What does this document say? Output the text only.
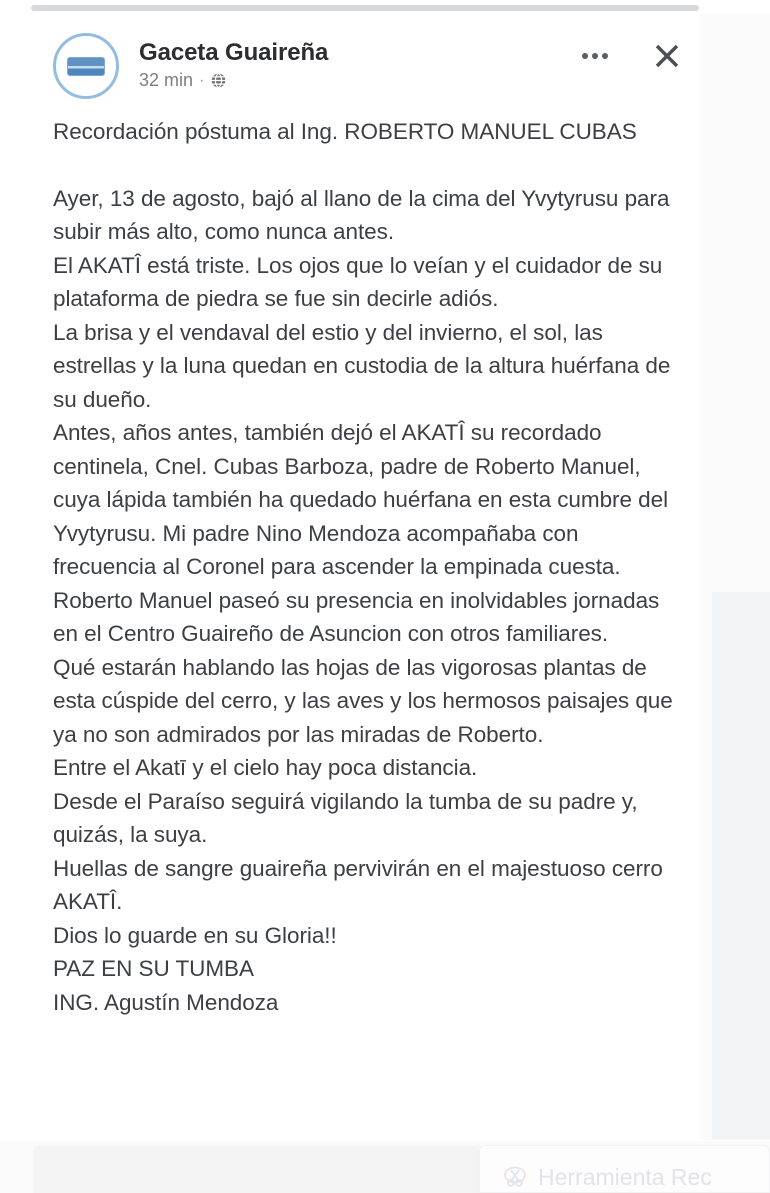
Gaceta Guaireña
32 min ·

Recordación póstuma al Ing. ROBERTO MANUEL CUBAS

Ayer, 13 de agosto, bajó al llano de la cima del Yvytyrusu para subir más alto, como nunca antes.

El AKATÎ está triste. Los ojos que lo veían y el cuidador de su plataforma de piedra se fue sin decirle adiós.

La brisa y el vendaval del estio y del invierno, el sol, las estrellas y la luna quedan en custodia de la altura huérfana de su dueño.

Antes, años antes, también dejó el AKATÎ su recordado centinela, Cnel. Cubas Barboza, padre de Roberto Manuel, cuya lápida también ha quedado huérfana en esta cumbre del Yvytyrusu. Mi padre Nino Mendoza acompañaba con frecuencia al Coronel para ascender la empinada cuesta.

Roberto Manuel paseó su presencia en inolvidables jornadas en el Centro Guaireño de Asuncion con otros familiares.

Qué estarán hablando las hojas de las vigorosas plantas de esta cúspide del cerro, y las aves y los hermosos paisajes que ya no son admirados por las miradas de Roberto.

Entre el Akatī y el cielo hay poca distancia.

Desde el Paraíso seguirá vigilando la tumba de su padre y, quizás, la suya.

Huellas de sangre guaireña pervivirán en el majestuoso cerro AKATÎ.

Dios lo guarde en su Gloria!!

PAZ EN SU TUMBA

ING. Agustín Mendoza

Herramienta Rec
